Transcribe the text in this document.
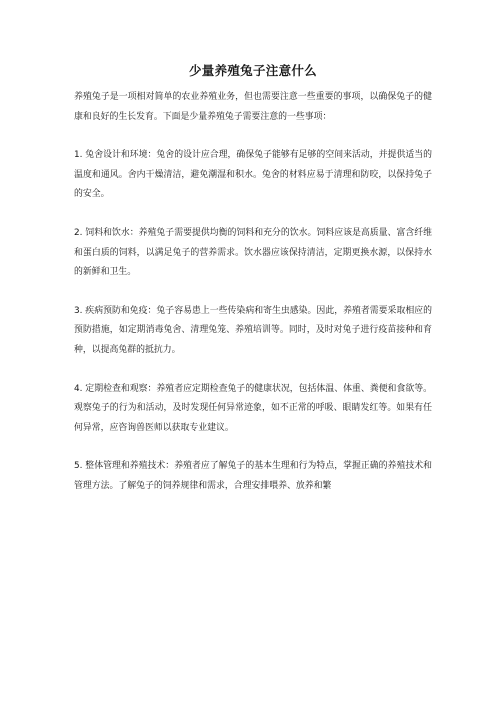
少量养殖兔子注意什么

养殖兔子是一项相对简单的农业养殖业务，但也需要注意一些重要的事项，以确保兔子的健康和良好的生长发育。下面是少量养殖兔子需要注意的一些事项：

1. 兔舍设计和环境：兔舍的设计应合理，确保兔子能够有足够的空间来活动，并提供适当的温度和通风。舍内干燥清洁，避免潮湿和积水。兔舍的材料应易于清理和防咬，以保持兔子的安全。

2. 饲料和饮水：养殖兔子需要提供均衡的饲料和充分的饮水。饲料应该是高质量、富含纤维和蛋白质的饲料，以满足兔子的营养需求。饮水器应该保持清洁，定期更换水源，以保持水的新鲜和卫生。

3. 疾病预防和免疫：兔子容易患上一些传染病和寄生虫感染。因此，养殖者需要采取相应的预防措施，如定期消毒兔舍、清理兔笼、养殖培训等。同时，及时对兔子进行疫苗接种和育种，以提高兔群的抵抗力。

4. 定期检查和观察：养殖者应定期检查兔子的健康状况，包括体温、体重、粪便和食欲等。观察兔子的行为和活动，及时发现任何异常迹象，如不正常的呼吸、眼睛发红等。如果有任何异常，应咨询兽医师以获取专业建议。

5. 整体管理和养殖技术：养殖者应了解兔子的基本生理和行为特点，掌握正确的养殖技术和管理方法。了解兔子的饲养规律和需求，合理安排喂养、放养和繁
